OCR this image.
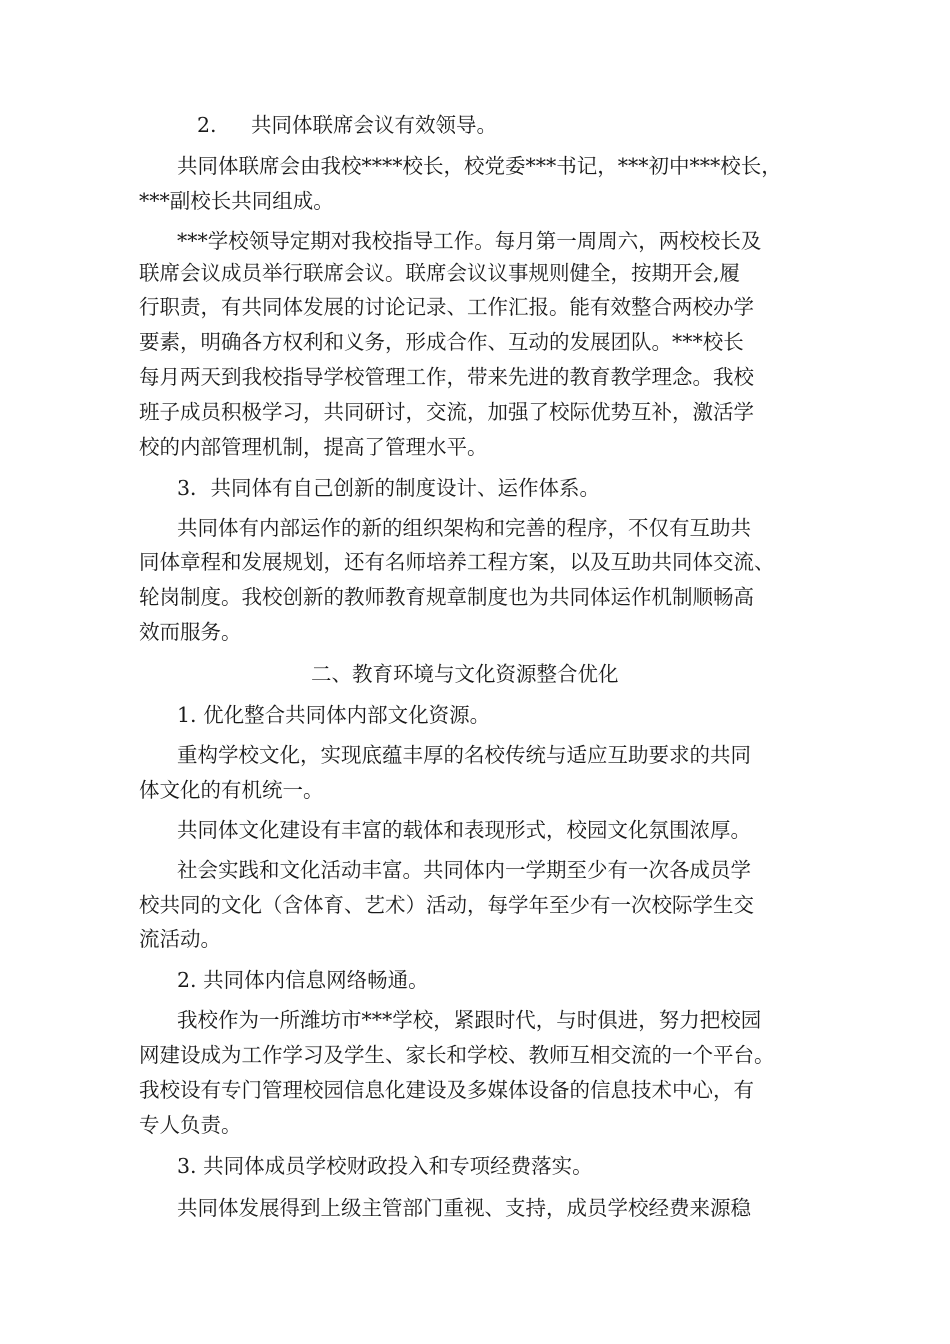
2. 共同体联席会议有效领导。
共同体联席会由我校****校长，校党委***书记，***初中***校长，
***副校长共同组成。
***学校领导定期对我校指导工作。每月第一周周六，两校校长及
联席会议成员举行联席会议。联席会议议事规则健全，按期开会,履
行职责，有共同体发展的讨论记录、工作汇报。能有效整合两校办学
要素，明确各方权利和义务，形成合作、互动的发展团队。***校长
每月两天到我校指导学校管理工作，带来先进的教育教学理念。我校
班子成员积极学习，共同研讨，交流，加强了校际优势互补，激活学
校的内部管理机制，提高了管理水平。
3．共同体有自己创新的制度设计、运作体系。
共同体有内部运作的新的组织架构和完善的程序，不仅有互助共
同体章程和发展规划，还有名师培养工程方案，以及互助共同体交流、
轮岗制度。我校创新的教师教育规章制度也为共同体运作机制顺畅高
效而服务。
二、教育环境与文化资源整合优化
1. 优化整合共同体内部文化资源。
重构学校文化，实现底蕴丰厚的名校传统与适应互助要求的共同
体文化的有机统一。
共同体文化建设有丰富的载体和表现形式，校园文化氛围浓厚。
社会实践和文化活动丰富。共同体内一学期至少有一次各成员学
校共同的文化（含体育、艺术）活动，每学年至少有一次校际学生交
流活动。
2. 共同体内信息网络畅通。
我校作为一所潍坊市***学校，紧跟时代，与时俱进，努力把校园
网建设成为工作学习及学生、家长和学校、教师互相交流的一个平台。
我校设有专门管理校园信息化建设及多媒体设备的信息技术中心，有
专人负责。
3. 共同体成员学校财政投入和专项经费落实。
共同体发展得到上级主管部门重视、支持，成员学校经费来源稳
